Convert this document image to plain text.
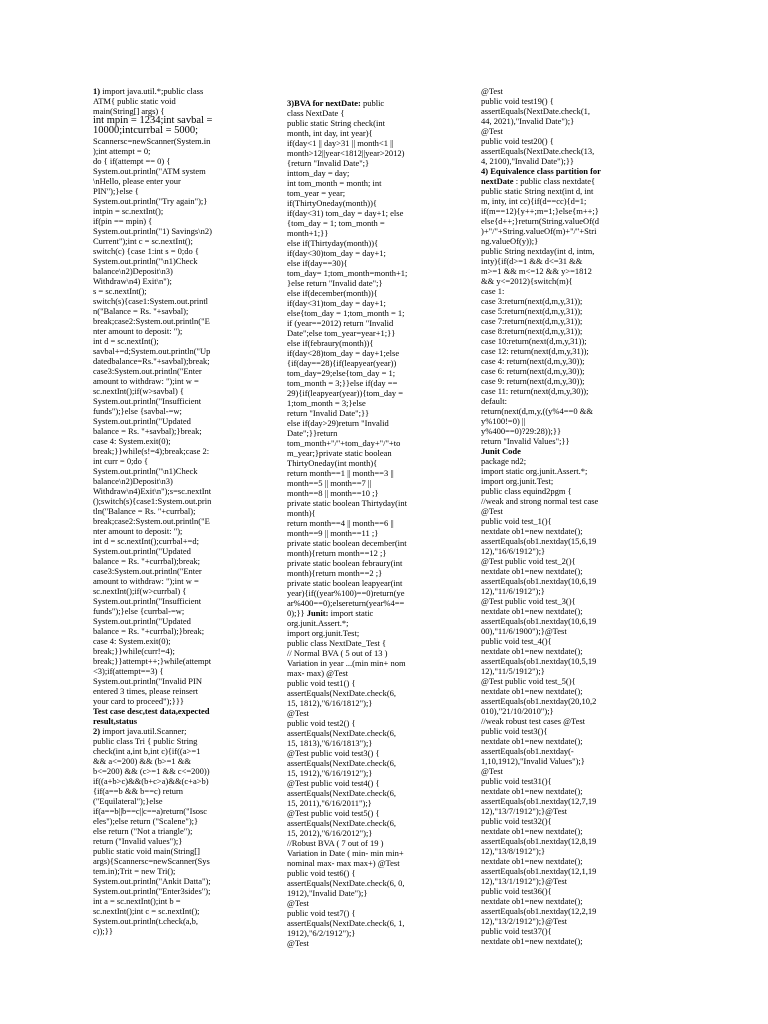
1) import java.util.*;public class
ATM{ public static void
main(String[] args) {
int mpin = 1234;int savbal =
10000;intcurrbal = 5000;
Scannersc=newScanner(System.in
);int attempt = 0;
do { if(attempt == 0) {
System.out.println("ATM system
\nHello, please enter your
PIN");}else {
System.out.println("Try again");}
intpin = sc.nextInt();
if(pin == mpin) {
System.out.println("1) Savings\n2)
Current");int c = sc.nextInt();
switch(c) {case 1:int s = 0;do {
System.out.println("\n1)Check
balance\n2)Deposit\n3)
Withdraw\n4) Exit\n");
s = sc.nextInt();
switch(s){case1:System.out.printl
n("Balance = Rs. "+savbal);
break;case2:System.out.println("E
nter amount to deposit: ");
int d = sc.nextInt();
savbal+=d;System.out.println("Up
datedbalance=Rs."+savbal);break;
case3:System.out.println("Enter
amount to withdraw: ");int w =
sc.nextInt();if(w>savbal) {
System.out.println("Insufficient
funds");}else {savbal-=w;
System.out.println("Updated
balance = Rs. "+savbal);}break;
case 4: System.exit(0);
break;}}while(s!=4);break;case 2:
int curr = 0;do {
System.out.println("\n1)Check
balance\n2)Deposit\n3)
Withdraw\n4)Exit\n");s=sc.nextInt
();switch(s){case1:System.out.prin
tln("Balance = Rs. "+currbal);
break;case2:System.out.println("E
nter amount to deposit: ");
int d = sc.nextInt();currbal+=d;
System.out.println("Updated
balance = Rs. "+currbal);break;
case3:System.out.println("Enter
amount to withdraw: ");int w =
sc.nextInt();if(w>currbal) {
System.out.println("Insufficient
funds");}else {currbal-=w;
System.out.println("Updated
balance = Rs. "+currbal);}break;
case 4: System.exit(0);
break;}}while(curr!=4);
break;}}attempt++;}while(attempt
<3);if(attempt==3) {
System.out.println("Invalid PIN
entered 3 times, please reinsert
your card to proceed");}}}
Test case desc,test data,expected
result,status
2) import java.util.Scanner;
public class Tri { public String
check(int a,int b,int c){if((a>=1
&& a<=200) && (b>=1 &&
b<=200) && (c>=1 && c<=200))
if((a+b>c)&&(b+c>a)&&(c+a>b)
{if(a==b && b==c) return
("Equilateral");}else
if(a==b||b==c||c==a)return("Isosc
eles");else return ("Scalene");}
else return ("Not a triangle");
return ("Invalid values");}
public static void main(String[]
args){Scannersc=newScanner(Sys
tem.in);Trit = new Tri();
System.out.println("Ankit Datta");
System.out.println("Enter3sides");
int a = sc.nextInt();int b =
sc.nextInt();int c = sc.nextInt();
System.out.println(t.check(a,b,
c));}}
3)BVA for nextDate: public
class NextDate {
public static String check(int
month, int day, int year){
if(day<1 || day>31 || month<1 ||
month>12||year<1812||year>2012)
{return "Invalid Date";}
inttom_day = day;
int tom_month = month; int
tom_year = year;
if(ThirtyOneday(month)){
if(day<31) tom_day = day+1; else
{tom_day = 1; tom_month =
month+1;}}
else if(Thirtyday(month)){
if(day<30)tom_day = day+1;
else if(day==30){
tom_day= 1;tom_month=month+1;
}else return "Invalid date";}
else if(december(month)){
if(day<31)tom_day = day+1;
else{tom_day = 1;tom_month = 1;
if (year==2012) return "Invalid
Date";else tom_year=year+1;}}
else if(febraury(month)){
if(day<28)tom_day = day+1;else
{if(day==28){if(leapyear(year))
tom_day=29;else{tom_day = 1;
tom_month = 3;}}else if(day ==
29){if(leapyear(year)){tom_day =
1;tom_month = 3;}else
return "Invalid Date";}}
else if(day>29)return "Invalid
Date";}}return
tom_month+"/"+tom_day+"/"+to
m_year;}private static boolean
ThirtyOneday(int month){
return month==1 || month==3 ||
month==5 || month==7 ||
month==8 || month==10 ;}
private static boolean Thirtyday(int
month){
return month==4 || month==6 ||
month==9 || month==11 ;}
private static boolean december(int
month){return month==12 ;}
private static boolean febraury(int
month){return month==2 ;}
private static boolean leapyear(int
year){if((year%100)==0)return(ye
ar%400==0);elsereturn(year%4==
0);}} Junit: import static
org.junit.Assert.*;
import org.junit.Test;
public class NextDate_Test {
// Normal BVA ( 5 out of 13 )
Variation in year ...(min min+ nom
max- max) @Test
public void test1() {
assertEquals(NextDate.check(6,
15, 1812),"6/16/1812");}
@Test
public void test2() {
assertEquals(NextDate.check(6,
15, 1813),"6/16/1813");}
@Test public void test3() {
assertEquals(NextDate.check(6,
15, 1912),"6/16/1912");}
@Test public void test4() {
assertEquals(NextDate.check(6,
15, 2011),"6/16/2011");}
@Test public void test5() {
assertEquals(NextDate.check(6,
15, 2012),"6/16/2012");}
//Robust BVA ( 7 out of 19 )
Variation in Date ( min- min min+
nominal max- max max+) @Test
public void test6() {
assertEquals(NextDate.check(6, 0,
1912),"Invalid Date");}
@Test
public void test7() {
assertEquals(NextDate.check(6, 1,
1912),"6/2/1912");}
@Test
@Test
public void test19() {
assertEquals(NextDate.check(1,
44, 2021),"Invalid Date");}
@Test
public void test20() {
assertEquals(NextDate.check(13,
4, 2100),"Invalid Date");}}
4) Equivalence class partition for
nextDate : public class nextdate{
public static String next(int d, int
m, inty, int cc){if(d==cc){d=1;
if(m==12){y++;m=1;}else{m++;}
else{d++;}return(String.valueOf(d
)+"/"+String.valueOf(m)+"/"+Stri
ng.valueOf(y));}
public String nextday(int d, intm,
inty){if(d>=1 && d<=31 &&
m>=1 && m<=12 && y>=1812
&& y<=2012){switch(m){
case 1:
case 3:return(next(d,m,y,31));
case 5:return(next(d,m,y,31));
case 7:return(next(d,m,y,31));
case 8:return(next(d,m,y,31));
case 10:return(next(d,m,y,31));
case 12: return(next(d,m,y,31));
case 4: return(next(d,m,y,30));
case 6: return(next(d,m,y,30));
case 9: return(next(d,m,y,30));
case 11: return(next(d,m,y,30));
default:
return(next(d,m,y,((y%4==0 &&
y%100!=0) ||
y%400==0)?29:28));}}
return "Invalid Values";}}
Junit Code
package nd2;
import static org.junit.Assert.*;
import org.junit.Test;
public class equind2pgm {
//weak and strong normal test case
@Test
public void test_1(){
nextdate ob1=new nextdate();
assertEquals(ob1.nextday(15,6,19
12),"16/6/1912");}
@Test public void test_2(){
nextdate ob1=new nextdate();
assertEquals(ob1.nextday(10,6,19
12),"11/6/1912");}
@Test public void test_3(){
nextdate ob1=new nextdate();
assertEquals(ob1.nextday(10,6,19
00),"11/6/1900");}@Test
public void test_4(){
nextdate ob1=new nextdate();
assertEquals(ob1.nextday(10,5,19
12),"11/5/1912");}
@Test public void test_5(){
nextdate ob1=new nextdate();
assertEquals(ob1.nextday(20,10,2
010),"21/10/2010");}
//weak robust test cases @Test
public void test3(){
nextdate ob1=new nextdate();
assertEquals(ob1.nextday(-
1,10,1912),"Invalid Values");}
@Test
public void test31(){
nextdate ob1=new nextdate();
assertEquals(ob1.nextday(12,7,19
12),"13/7/1912");}@Test
public void test32(){
nextdate ob1=new nextdate();
assertEquals(ob1.nextday(12,8,19
12),"13/8/1912");}
nextdate ob1=new nextdate();
assertEquals(ob1.nextday(12,1,19
12),"13/1/1912");}@Test
public void test36(){
nextdate ob1=new nextdate();
assertEquals(ob1.nextday(12,2,19
12),"13/2/1912");}@Test
public void test37(){
nextdate ob1=new nextdate();
